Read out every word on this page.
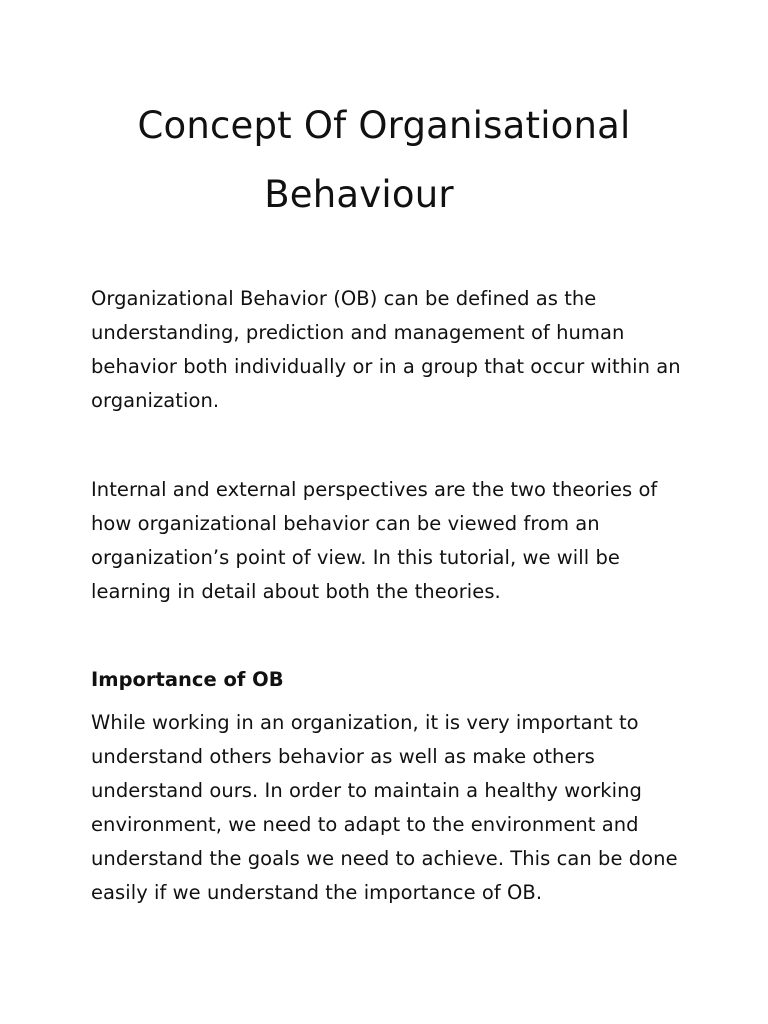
Concept Of Organisational
Behaviour

Organizational Behavior (OB) can be defined as the understanding, prediction and management of human behavior both individually or in a group that occur within an organization.

Internal and external perspectives are the two theories of how organizational behavior can be viewed from an organization’s point of view. In this tutorial, we will be learning in detail about both the theories.

Importance of OB

While working in an organization, it is very important to understand others behavior as well as make others understand ours. In order to maintain a healthy working environment, we need to adapt to the environment and understand the goals we need to achieve. This can be done easily if we understand the importance of OB.
